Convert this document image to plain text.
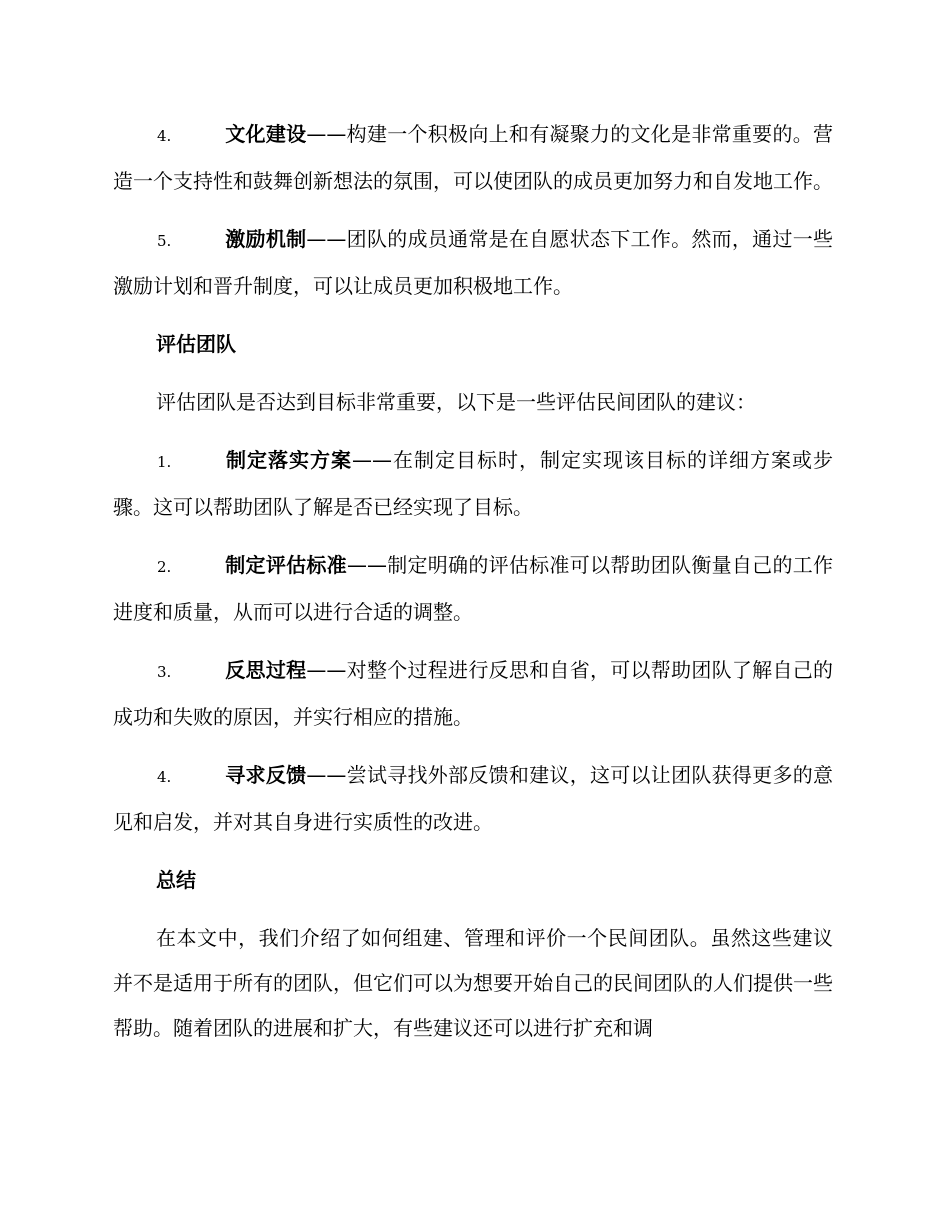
4.	文化建设——构建一个积极向上和有凝聚力的文化是非常重要的。营造一个支持性和鼓舞创新想法的氛围，可以使团队的成员更加努力和自发地工作。

5.	激励机制——团队的成员通常是在自愿状态下工作。然而，通过一些激励计划和晋升制度，可以让成员更加积极地工作。

评估团队

评估团队是否达到目标非常重要，以下是一些评估民间团队的建议：

1.	制定落实方案——在制定目标时，制定实现该目标的详细方案或步骤。这可以帮助团队了解是否已经实现了目标。

2.	制定评估标准——制定明确的评估标准可以帮助团队衡量自己的工作进度和质量，从而可以进行合适的调整。

3.	反思过程——对整个过程进行反思和自省，可以帮助团队了解自己的成功和失败的原因，并实行相应的措施。

4.	寻求反馈——尝试寻找外部反馈和建议，这可以让团队获得更多的意见和启发，并对其自身进行实质性的改进。

总结

在本文中，我们介绍了如何组建、管理和评价一个民间团队。虽然这些建议并不是适用于所有的团队，但它们可以为想要开始自己的民间团队的人们提供一些帮助。随着团队的进展和扩大，有些建议还可以进行扩充和调
